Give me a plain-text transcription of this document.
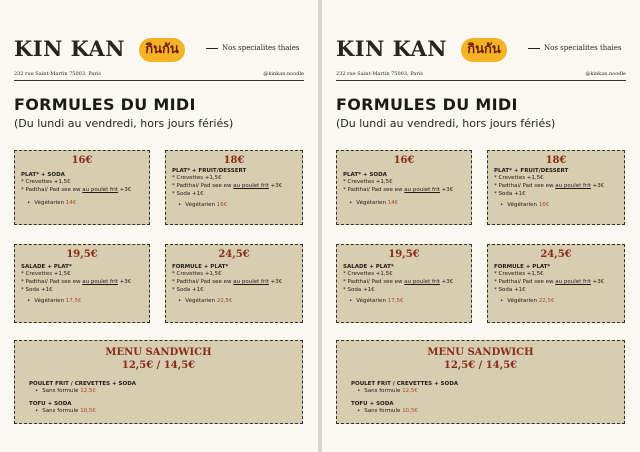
KIN KAN	กินกัน	Nos specialites thaies
232 rue Saint-Martin 75003, Paris	@kinkan.noodle
FORMULES DU MIDI
(Du lundi au vendredi, hors jours fériés)
16€
PLAT* + SODA
* Crevettes +1,5€
* Padthai/ Pad see ew au poulet frit +3€
• Végétarien 14€
18€
PLAT* + FRUIT/DESSERT
* Crevettes +1,5€
* Padthai/ Pad see ew au poulet frit +3€
* Soda +1€
• Végétarien 16€
19,5€
SALADE + PLAT*
* Crevettes +1,5€
* Padthai/ Pad see ew au poulet frit +3€
* Soda +1€
• Végétarien 17,5€
24,5€
FORMULE + PLAT*
* Crevettes +1,5€
* Padthai/ Pad see ew au poulet frit +3€
* Soda +1€
• Végétarien 22,5€
MENU SANDWICH
12,5€ / 14,5€
POULET FRIT / CREVETTES + SODA
• Sans formule 12,5€
TOFU + SODA
• Sans formule 10,5€
KIN KAN	กินกัน	Nos specialites thaies
232 rue Saint-Martin 75003, Paris	@kinkan.noodle
FORMULES DU MIDI
(Du lundi au vendredi, hors jours fériés)
16€
PLAT* + SODA
* Crevettes +1,5€
* Padthai/ Pad see ew au poulet frit +3€
• Végétarien 14€
18€
PLAT* + FRUIT/DESSERT
* Crevettes +1,5€
* Padthai/ Pad see ew au poulet frit +3€
* Soda +1€
• Végétarien 16€
19,5€
SALADE + PLAT*
* Crevettes +1,5€
* Padthai/ Pad see ew au poulet frit +3€
* Soda +1€
• Végétarien 17,5€
24,5€
FORMULE + PLAT*
* Crevettes +1,5€
* Padthai/ Pad see ew au poulet frit +3€
* Soda +1€
• Végétarien 22,5€
MENU SANDWICH
12,5€ / 14,5€
POULET FRIT / CREVETTES + SODA
• Sans formule 12,5€
TOFU + SODA
• Sans formule 10,5€
